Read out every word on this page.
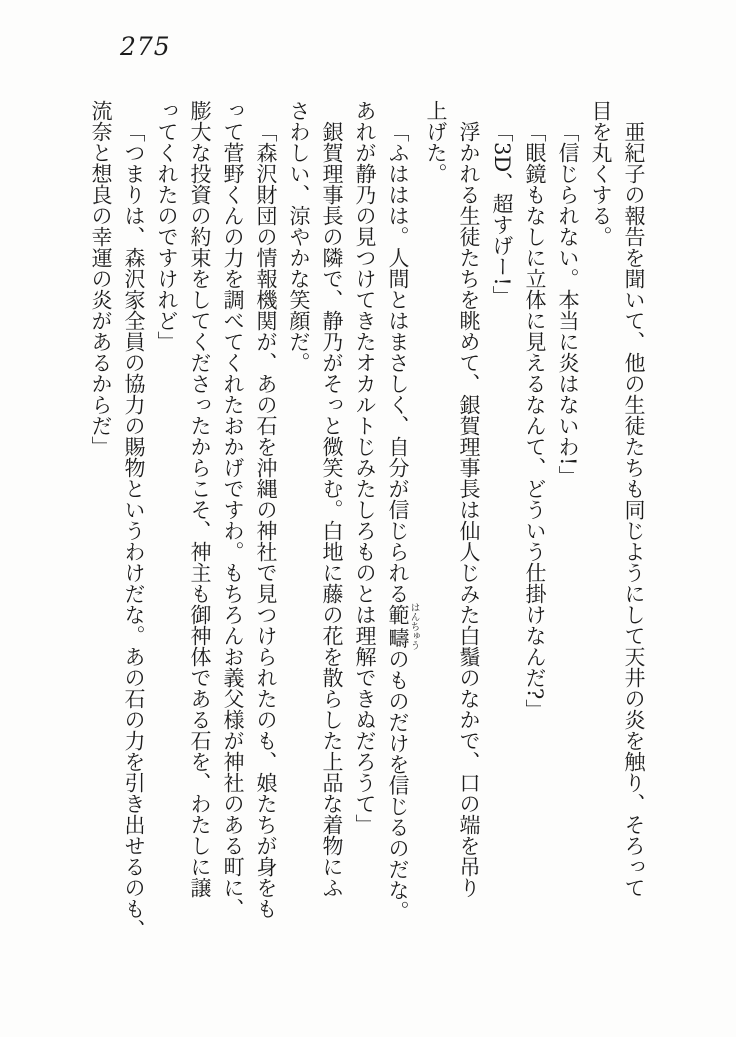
275
亜紀子の報告を聞いて、他の生徒たちも同じようにして天井の炎を触り、そろって
目を丸くする。
「信じられない。本当に炎はないわ!」
「眼鏡もなしに立体に見えるなんて、どういう仕掛けなんだ?」
「3D、超すげー!」
浮かれる生徒たちを眺めて、銀賀理事長は仙人じみた白鬚のなかで、口の端を吊り
上げた。
「ふははは。人間とはまさしく、自分が信じられる範疇はんちゅうのものだけを信じるのだな。
あれが静乃の見つけてきたオカルトじみたしろものとは理解できぬだろうて」
銀賀理事長の隣で、静乃がそっと微笑む。白地に藤の花を散らした上品な着物にふ
さわしい、涼やかな笑顔だ。
「森沢財団の情報機関が、あの石を沖縄の神社で見つけられたのも、娘たちが身をも
って菅野くんの力を調べてくれたおかげですわ。もちろんお義父様が神社のある町に、
膨大な投資の約束をしてくださったからこそ、神主も御神体である石を、わたしに譲
ってくれたのですけれど」
「つまりは、森沢家全員の協力の賜物というわけだな。あの石の力を引き出せるのも、
流奈と想良の幸運の炎があるからだ」
